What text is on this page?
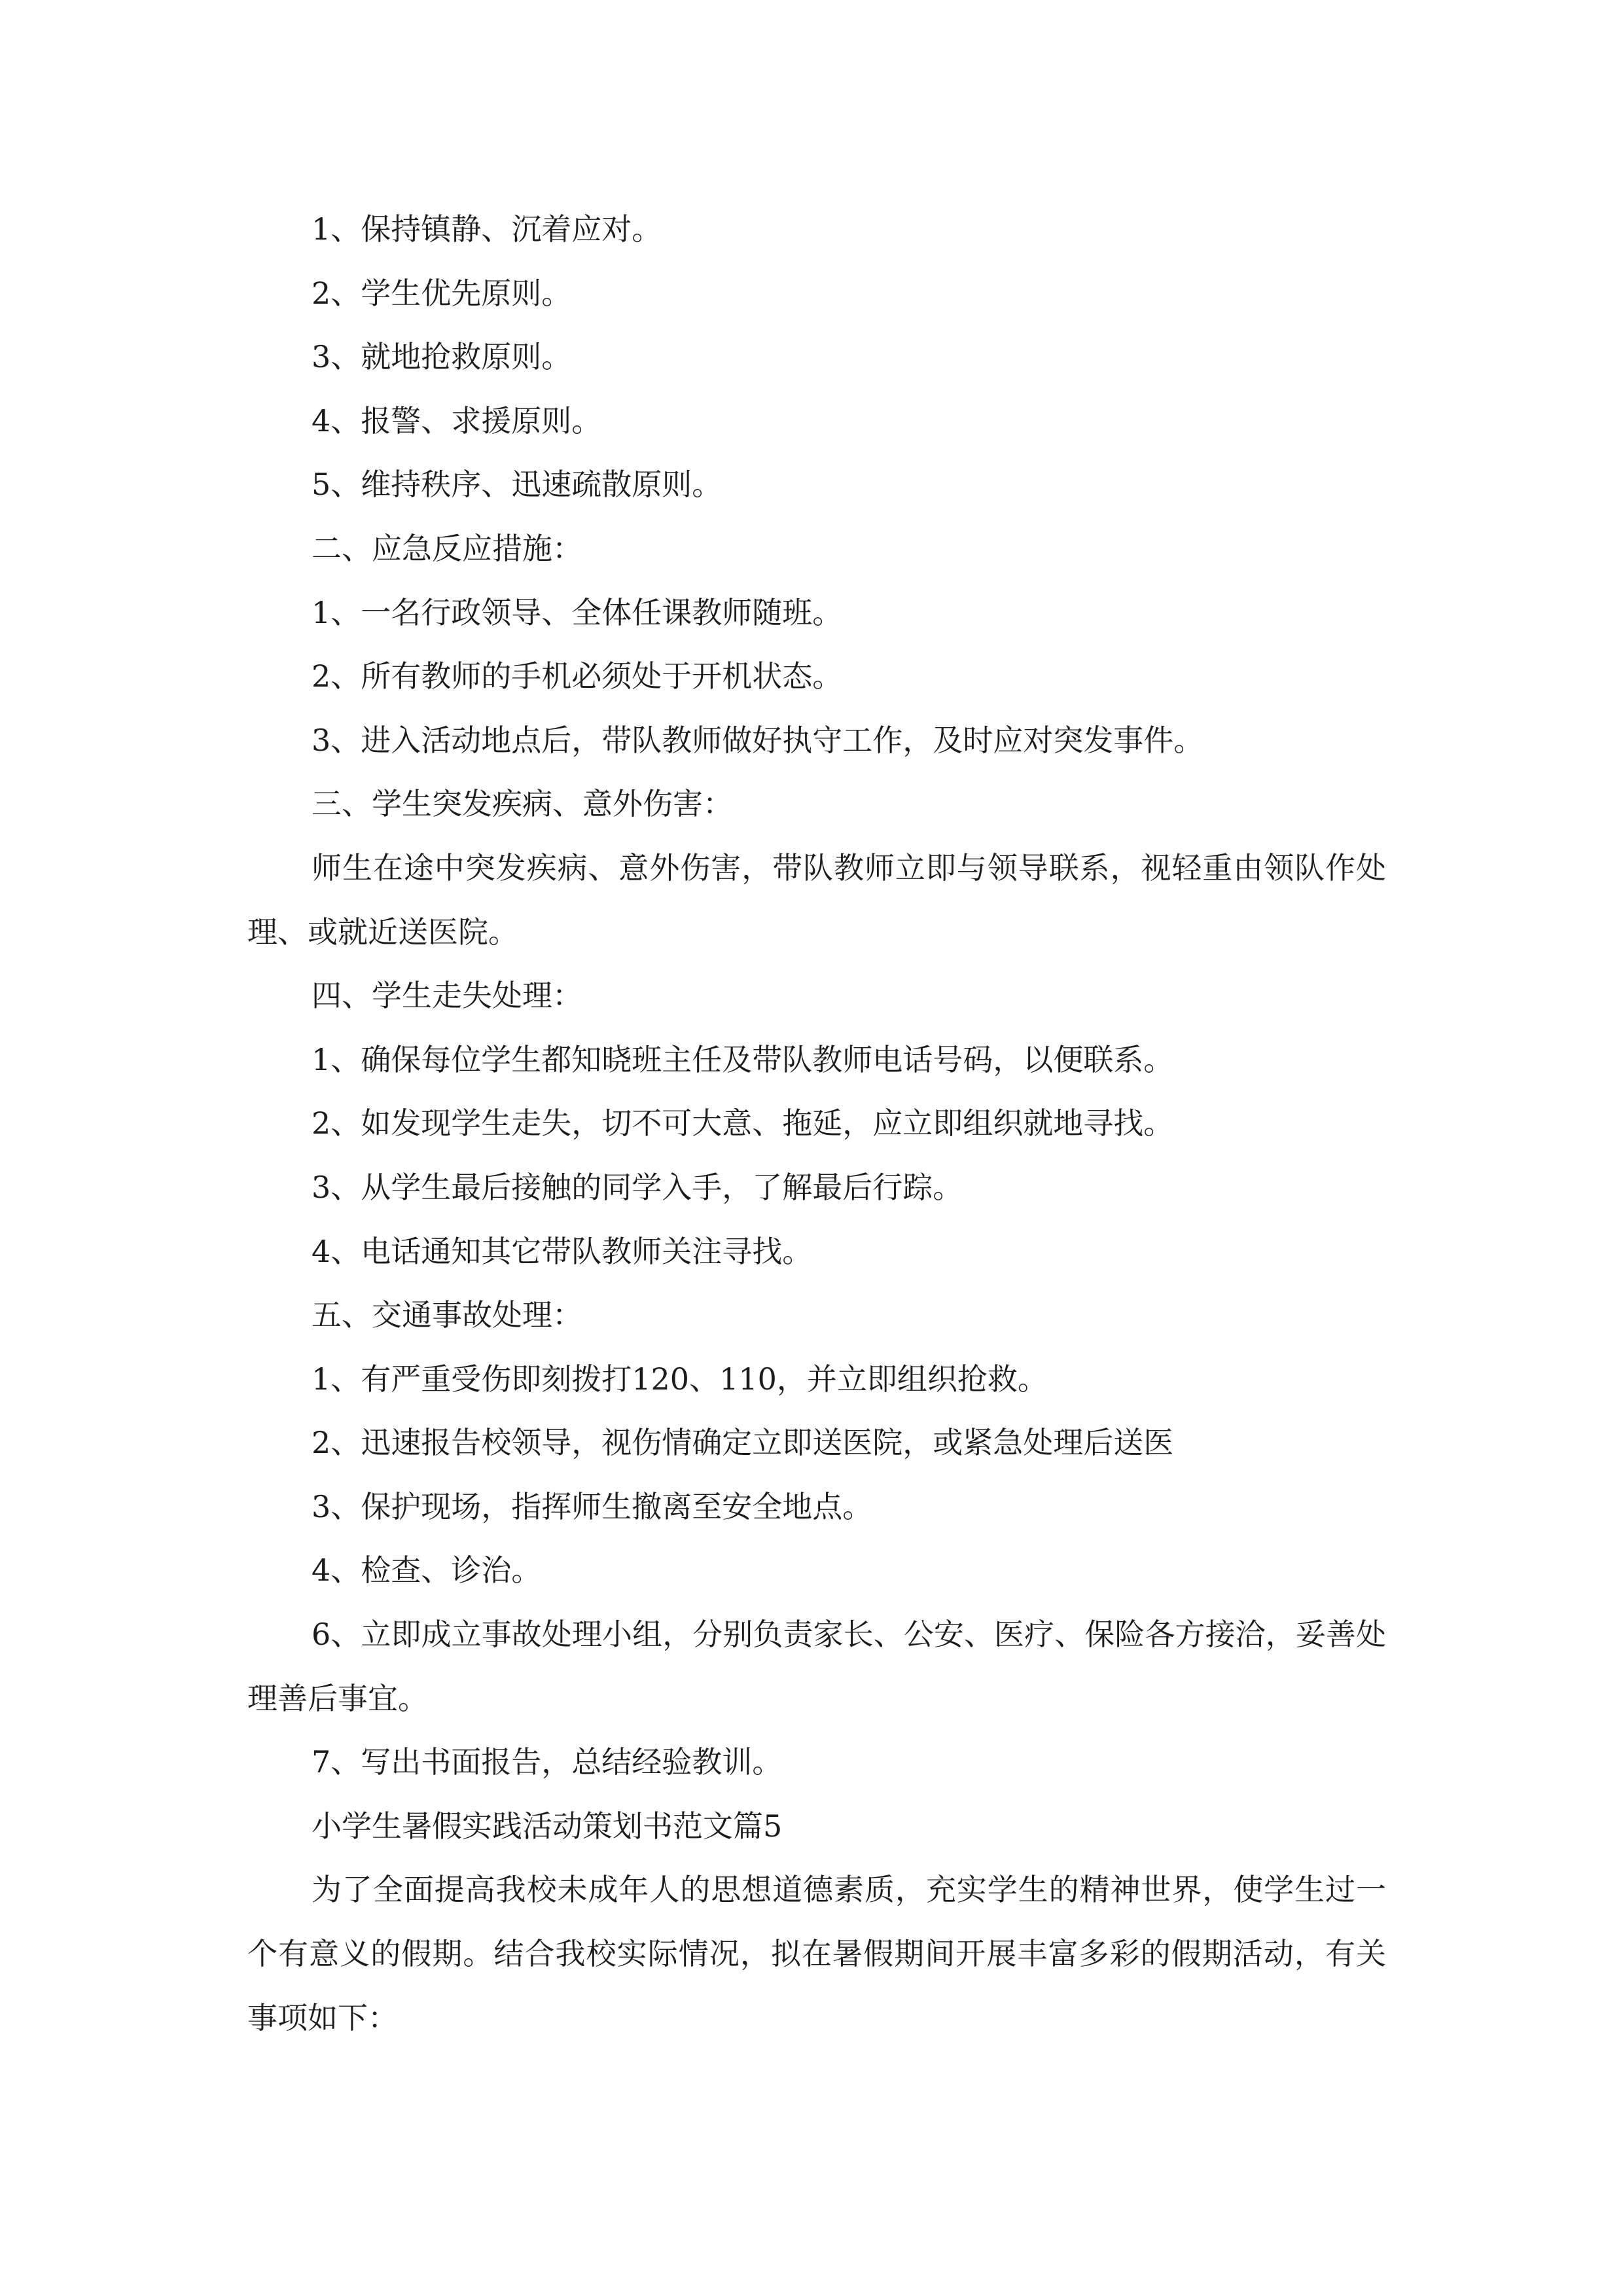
1、保持镇静、沉着应对。

2、学生优先原则。

3、就地抢救原则。

4、报警、求援原则。

5、维持秩序、迅速疏散原则。

二、应急反应措施：

1、一名行政领导、全体任课教师随班。

2、所有教师的手机必须处于开机状态。

3、进入活动地点后，带队教师做好执守工作，及时应对突发事件。

三、学生突发疾病、意外伤害：

师生在途中突发疾病、意外伤害，带队教师立即与领导联系，视轻重由领队作处理、或就近送医院。

四、学生走失处理：

1、确保每位学生都知晓班主任及带队教师电话号码，以便联系。

2、如发现学生走失，切不可大意、拖延，应立即组织就地寻找。

3、从学生最后接触的同学入手，了解最后行踪。

4、电话通知其它带队教师关注寻找。

五、交通事故处理：

1、有严重受伤即刻拨打120、110，并立即组织抢救。

2、迅速报告校领导，视伤情确定立即送医院，或紧急处理后送医

3、保护现场，指挥师生撤离至安全地点。

4、检查、诊治。

6、立即成立事故处理小组，分别负责家长、公安、医疗、保险各方接洽，妥善处理善后事宜。

7、写出书面报告，总结经验教训。

小学生暑假实践活动策划书范文篇5

为了全面提高我校未成年人的思想道德素质，充实学生的精神世界，使学生过一个有意义的假期。结合我校实际情况，拟在暑假期间开展丰富多彩的假期活动，有关事项如下：
